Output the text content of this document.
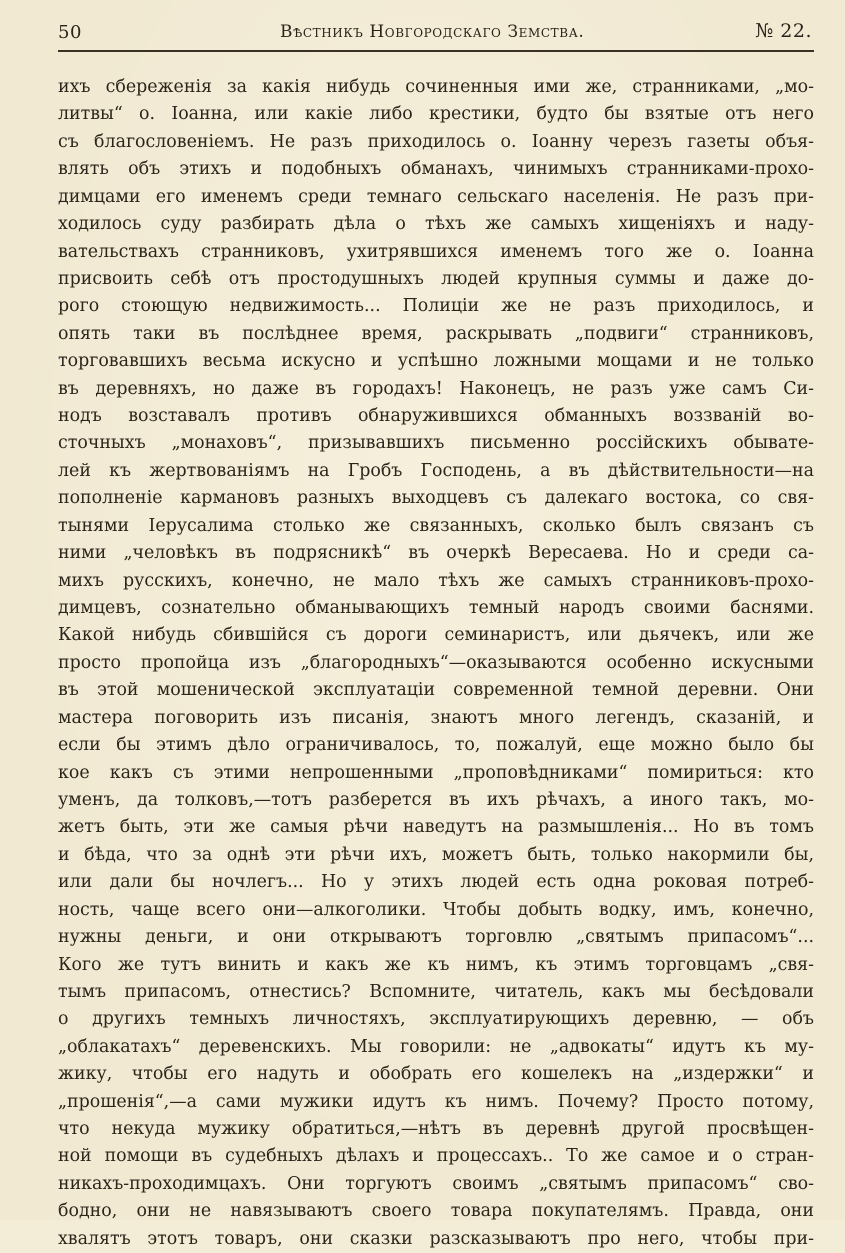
50	Вѣстникъ Новгородскаго Земства.	№ 22.
ихъ сбереженія за какія нибудь сочиненныя ими же, странниками, „мо-
литвы“ о. Іоанна, или какіе либо крестики, будто бы взятые отъ него
съ благословеніемъ. Не разъ приходилось о. Іоанну черезъ газеты объя-
влять объ этихъ и подобныхъ обманахъ, чинимыхъ странниками-прохо-
димцами его именемъ среди темнаго сельскаго населенія. Не разъ при-
ходилось суду разбирать дѣла о тѣхъ же самыхъ хищеніяхъ и наду-
вательствахъ странниковъ, ухитрявшихся именемъ того же о. Іоанна
присвоить себѣ отъ простодушныхъ людей крупныя суммы и даже до-
рого стоющую недвижимость... Полиціи же не разъ приходилось, и
опять таки въ послѣднее время, раскрывать „подвиги“ странниковъ,
торговавшихъ весьма искусно и успѣшно ложными мощами и не только
въ деревняхъ, но даже въ городахъ! Наконецъ, не разъ уже самъ Си-
нодъ возставалъ противъ обнаружившихся обманныхъ воззваній во-
сточныхъ „монаховъ“, призывавшихъ письменно россійскихъ обывате-
лей къ жертвованіямъ на Гробъ Господень, а въ дѣйствительности—на
пополненіе кармановъ разныхъ выходцевъ съ далекаго востока, со свя-
тынями Іерусалима столько же связанныхъ, сколько былъ связанъ съ
ними „человѣкъ въ подрясникѣ“ въ очеркѣ Вересаева. Но и среди са-
михъ русскихъ, конечно, не мало тѣхъ же самыхъ странниковъ-прохо-
димцевъ, сознательно обманывающихъ темный народъ своими баснями.
Какой нибудь сбившійся съ дороги семинаристъ, или дьячекъ, или же
просто пропойца изъ „благородныхъ“—оказываются особенно искусными
въ этой мошенической эксплуатаціи современной темной деревни. Они
мастера поговорить изъ писанія, знаютъ много легендъ, сказаній, и
если бы этимъ дѣло ограничивалось, то, пожалуй, еще можно было бы
кое какъ съ этими непрошенными „проповѣдниками“ помириться: кто
уменъ, да толковъ,—тотъ разберется въ ихъ рѣчахъ, а иного такъ, мо-
жетъ быть, эти же самыя рѣчи наведутъ на размышленія... Но въ томъ
и бѣда, что за однѣ эти рѣчи ихъ, можетъ быть, только накормили бы,
или дали бы ночлегъ... Но у этихъ людей есть одна роковая потреб-
ность, чаще всего они—алкоголики. Чтобы добыть водку, имъ, конечно,
нужны деньги, и они открываютъ торговлю „святымъ припасомъ“...
Кого же тутъ винить и какъ же къ нимъ, къ этимъ торговцамъ „свя-
тымъ припасомъ, отнестись? Вспомните, читатель, какъ мы бесѣдовали
о другихъ темныхъ личностяхъ, эксплуатирующихъ деревню, — объ
„облакатахъ“ деревенскихъ. Мы говорили: не „адвокаты“ идутъ къ му-
жику, чтобы его надуть и обобрать его кошелекъ на „издержки“ и
„прошенія“,—а сами мужики идутъ къ нимъ. Почему? Просто потому,
что некуда мужику обратиться,—нѣтъ въ деревнѣ другой просвѣщен-
ной помощи въ судебныхъ дѣлахъ и процессахъ.. То же самое и о стран-
никахъ-проходимцахъ. Они торгуютъ своимъ „святымъ припасомъ“ сво-
бодно, они не навязываютъ своего товара покупателямъ. Правда, они
хвалятъ этотъ товаръ, они сказки разсказываютъ про него, чтобы при-
